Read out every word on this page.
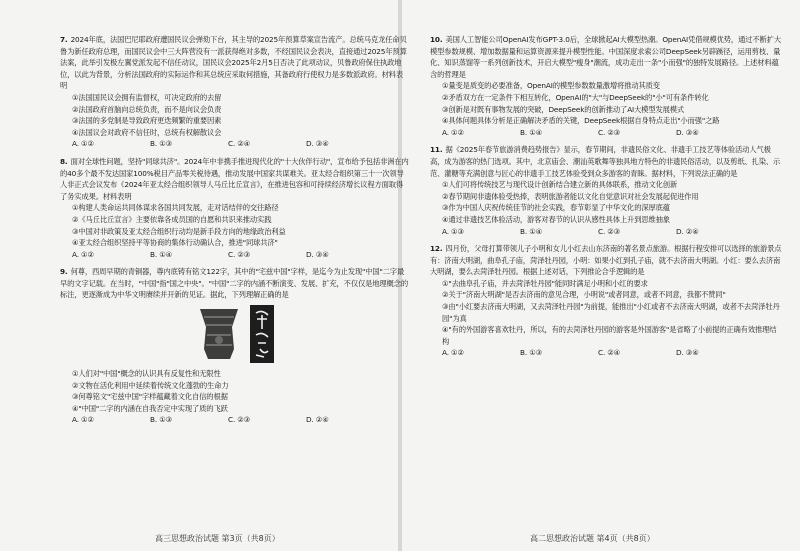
7. 2024年底，法国巴尼耶政府遭国民议会弹劾下台，其主导的2025年预算草案宣告流产。总统马克龙任命贝鲁为新任政府总理，而国民议会中三大阵营没有一派获得绝对多数，不经国民议会表决，直接通过2025年预算法案，此举引发极左翼党派发起不信任动议，国民议会2025年2月5日否决了此项动议，贝鲁政府保住执政地位，以此为背景，分析法国政府的实际运作和其总统应采取何措施，其备政府行使权力是多数派政府。材料表明
①法国国民议会拥有监督权，可决定政府的去留
②法国政府首脑向总统负责，而不是向议会负责
③法国的多党制是导致政府更迭频繁的重要因素
④法国议会对政府不信任时，总统有权解散议会
A. ①②	B. ①③	C. ②④	D. ③④
8. 面对全球性问题，坚持"同球共济"。2024年中非携手推进现代化的"十大伙伴行动"，宣布给予包括非洲在内的40多个最不发达国家100%税目产品零关税待遇，推动发展中国家共谋难关。亚太经合组织第三十一次领导人非正式会议发布《2024年亚太经合组织领导人马丘比丘宣言》，在推进包容和可持续经济增长议程方面取得了务实成果。材料表明
①构建人类命运共同体谋求各国共同发展，走对话结伴的交往路径
②《马丘比丘宣言》主要依靠各成员国的自愿和共识来推动实践
③中国对非政策及亚太经合组织行动均是新手段方向的地缘政治利益
④亚太经合组织坚持平等协商的集体行动确认合，推进"同球共济"
A. ①②	B. ①④	C. ②③	D. ③④
9. 何尊，西周早期的青铜器，尊内底铸有铭文122字，其中的"宅兹中国"字样，是迄今为止发现"中国"二字最早的文字记载。在当时，"中国"指"国之中央"。"中国"二字的内涵不断演变、发展、扩充，不仅仅是地理概念的标注，更逐渐成为中华文明赓续并开新的见证。据此，下列理解正确的是
①人们对"中国"概念的认识具有反复性和无限性
②文物在活化利用中延续着传统文化蓬勃的生命力
③何尊铭文"宅兹中国"字样蕴藏着文化自信的根据
④"中国"二字的内涵在自我否定中实现了质的飞跃
A. ①②	B. ①③	C. ②③	D. ②④
10. 美国人工智能公司OpenAI发布GPT-3.0后，全球掀起AI大模型热潮。OpenAI凭借规模优势，通过不断扩大模型参数规模、增加数据量和运算资源来提升模型性能。中国深度求索公司DeepSeek另辟蹊径，运用剪枝、量化、知识蒸馏等一系列创新技术，开启大模型"瘦身"潮流，成功走出一条"小而强"的独特发展路径。上述材料蕴含的哲理是
①量变是质变的必要准备，OpenAI的模型参数数量激增将推动其质变
②矛盾双方在一定条件下相互转化，OpenAI的"大"与DeepSeek的"小"可有条件转化
③创新是对既有事物发展的突破，DeepSeek的创新推动了AI大模型发展模式
④具体问题具体分析是正确解决矛盾的关键，DeepSeek根据自身特点走出"小而强"之路
A. ①②	B. ①④	C. ②③	D. ③④
11. 据《2025年春节旅游消费趋势报告》显示，春节期间，非遗民俗文化、非遗手工技艺等体验活动人气极高，成为游客的热门选项。其中，北京庙会、潮汕英歌舞等独具地方特色的非遗民俗活动，以及剪纸、扎染、示范、灌糖等充满创意与匠心的非遗手工技艺体验受到众多游客的青睐。据材料，下列说法正确的是
①人们可将传统技艺与现代设计创新结合建立新的具体联系，推动文化创新
②春节期间非遗体验受热捧，表明旅游者能以文化自觉意识对社会发展起促进作用
③作为中国人庆祝传统佳节的社会实践，春节彰显了中华文化的深厚底蕴
④通过非遗技艺体验活动，游客对春节的认识从感性具体上升到思维抽象
A. ①③	B. ①④	C. ②③	D. ②④
12. 四月份，父母打算带领儿子小明和女儿小红去山东济南的著名景点旅游。根据行程安排可以选择的旅游景点有：济南大明湖，曲阜孔子庙，菏泽牡丹园，小明：如果小红到孔子庙，就不去济南大明湖。小红：要么去济南大明湖，要么去菏泽牡丹园。根据上述对话，下列推论合乎逻辑的是
①"去曲阜孔子庙，并去菏泽牡丹园"能同时满足小明和小红的要求
②关于"济南大明湖"是否去济南的意见合理，小明说"或者同意，或者不同意，我都不赞同"
③由"小红要去济南大明湖，又去菏泽牡丹园"为前提，能推出"小红或者不去济南大明湖，或者不去菏泽牡丹园"为真
④"有的外国游客喜欢牡丹，所以，有的去菏泽牡丹园的游客是外国游客"是省略了小前提的正确有效推理结构
A. ①②	B. ①③	C. ②④	D. ③④
高三思想政治试题 第3页（共8页）	高二思想政治试题 第4页（共8页）
